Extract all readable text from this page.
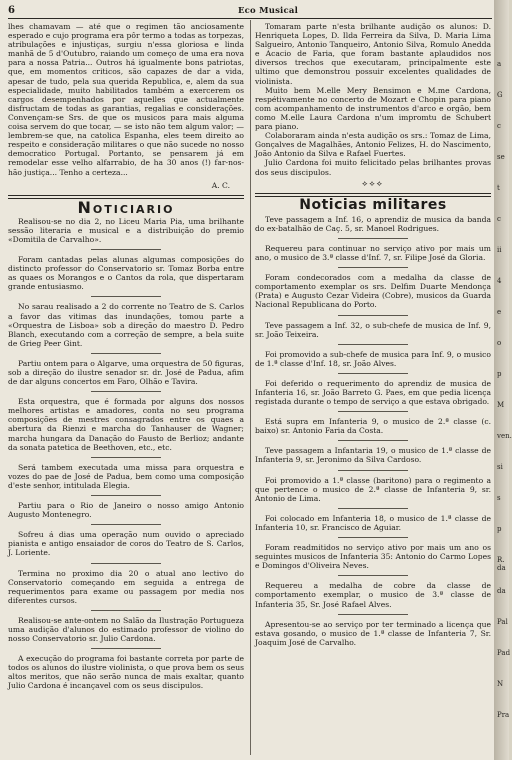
6	Eco Musical

lhes chamavam — até que o regimen tão anciosamente esperado e cujo programa era pôr termo a todas as torpezas, atribulações e injustiças, surgiu n'essa gloriosa e linda manhã de 5 d'Outubro, raiando um começo de uma era nova para a nossa Patria... Outros há igualmente bons patriotas, que, em momentos criticos, são capazes de dar a vida, apesar de tudo, pela sua querida Republica, e, alem da sua especialidade, muito habilitados também a exercerem os cargos desempenhados por aquelles que actualmente disfructam de todas as garantias, regalias e considerações. Convençam-se Srs. de que os musicos para mais alguma coisa servem do que tocar, — se isto não tem algum valor; — lembrem-se que, na catolica Espanha, eles teem direito ao respeito e consideração militares o que não sucede no nosso democratico Portugal. Portanto, se pensarem já em remodelar esse velho alfarrabio, de ha 30 anos (!) far-nos-hão justiça... Tenho a certeza...

A. C.

Noticiario

Realisou-se no dia 2, no Liceu Maria Pia, uma brilhante sessão literaria e musical e a distribuição do premio «Domitila de Carvalho».

Foram cantadas pelas alunas algumas composições do distincto professor do Conservatorio sr. Tomaz Borba entre as quaes os Morangos e o Cantos da rola, que dispertaram grande entusiasmo.

No sarau realisado a 2 do corrente no Teatro de S. Carlos a favor das vitimas das inundações, tomou parte a «Orquestra de Lisboa» sob a direção do maestro D. Pedro Blanch, executando com a correção de sempre, a bela suite de Grieg Peer Gint.

Partiu ontem para o Algarve, uma orquestra de 50 figuras, sob a direção do ilustre senador sr. dr. José de Padua, afim de dar alguns concertos em Faro, Olhão e Tavira.

Esta orquestra, que é formada por alguns dos nossos melhores artistas e amadores, conta no seu programa composições de mestres consagrados entre os quaes a abertura da Rienzi e marcha do Tanhauser de Wagner; marcha hungara da Danação do Fausto de Berlioz; andante da sonata patetica de Beethoven, etc., etc.

Será tambem executada uma missa para orquestra e vozes do pae de José de Padua, bem como uma composição d'este senhor, intitulada Elegia.

Partiu para o Rio de Janeiro o nosso amigo Antonio Augusto Montenegro.

Sofreu á dias uma operação num ouvido o apreciado pianista e antigo ensaiador de coros do Teatro de S. Carlos, J. Loriente.

Termina no proximo dia 20 o atual ano lectivo do Conservatorio começando em seguida a entrega de requerimentos para exame ou passagem por media nos diferentes cursos.

Realisou-se ante-ontem no Salão da Ilustração Portugueza uma audição d'alunos do estimado professor de violino do nosso Conservatorio sr. Julio Cardona.

A execução do programa foi bastante correta por parte de todos os alunos do ilustre violinista, o que prova bem os seus altos meritos, que não serão nunca de mais exaltar, quanto Julio Cardona é incançavel com os seus discipulos.

Tomaram parte n'esta brilhante audição os alunos: D. Henriqueta Lopes, D. Ilda Ferreira da Silva, D. Maria Lima Salgueiro, Antonio Tanqueiro, Antonio Silva, Romulo Anedda e Acacio de Faria, que foram bastante aplaudidos nos diversos trechos que executaram, principalmente este ultimo que demonstrou possuir excelentes qualidades de violinista.

Muito bem M.elle Mery Bensimon e M.me Cardona, respétivamente no concerto de Mozart e Chopin para piano com acompanhamento de instrumentos d'arco e orgão, bem como M.elle Laura Cardona n'um impromtu de Schubert para piano.

Colaboraram ainda n'esta audição os srs.: Tomaz de Lima, Gonçalves de Magalhães, Antonio Felizes, H. do Nascimento, João Antonio da Silva e Rafael Fuertes.

Julio Cardona foi muito felicitado pelas brilhantes provas dos seus discipulos.

⟡⟡⟡
Noticias militares

Teve passagem a Inf. 16, o aprendiz de musica da banda do ex-batalhão de Caç. 5, sr. Manoel Rodrigues.

Requereu para continuar no serviço ativo por mais um ano, o musico de 3.ª classe d'Inf. 7, sr. Filipe José da Gloria.

Foram condecorados com a medalha da classe de comportamento exemplar os srs. Delfim Duarte Mendonça (Prata) e Augusto Cezar Videira (Cobre), musicos da Guarda Nacional Republicana do Porto.

Teve passagem a Inf. 32, o sub-chefe de musica de Inf. 9, sr. João Teixeira.

Foi promovido a sub-chefe de musica para Inf. 9, o musico de 1.ª classe d'Inf. 18, sr. João Alves.

Foi deferido o requerimento do aprendiz de musica de Infanteria 16, sr. João Barreto G. Paes, em que pedia licença registada durante o tempo de serviço a que estava obrigado.

Está supra em Infanteria 9, o musico de 2.ª classe (c. baixo) sr. Antonio Faria da Costa.

Teve passagem a Infantaria 19, o musico de 1.ª classe de Infanteria 9, sr. Jeronimo da Silva Cardoso.

Foi promovido a 1.ª classe (baritono) para o regimento a que pertence o musico de 2.ª classe de Infanteria 9, sr. Antonio de Lima.

Foi colocado em Infanteria 18, o musico de 1.ª classe de Infanteria 10, sr. Francisco de Aguiar.

Foram readmitidos no serviço ativo por mais um ano os seguintes musicos de Infanteria 35: Antonio do Carmo Lopes e Domingos d'Oliveira Neves.

Requereu a medalha de cobre da classe de comportamento exemplar, o musico de 3.ª classe de Infanteria 35, Sr. José Rafael Alves.

Apresentou-se ao serviço por ter terminado a licença que estava gosando, o musico de 1.ª classe de Infanteria 7, Sr. Joaquim José de Carvalho.

a
G
c
se
t
c
ii
4
e
o
p
M
ven.
si
s
p
R. da
da
Pal
Pad
N
Pra
